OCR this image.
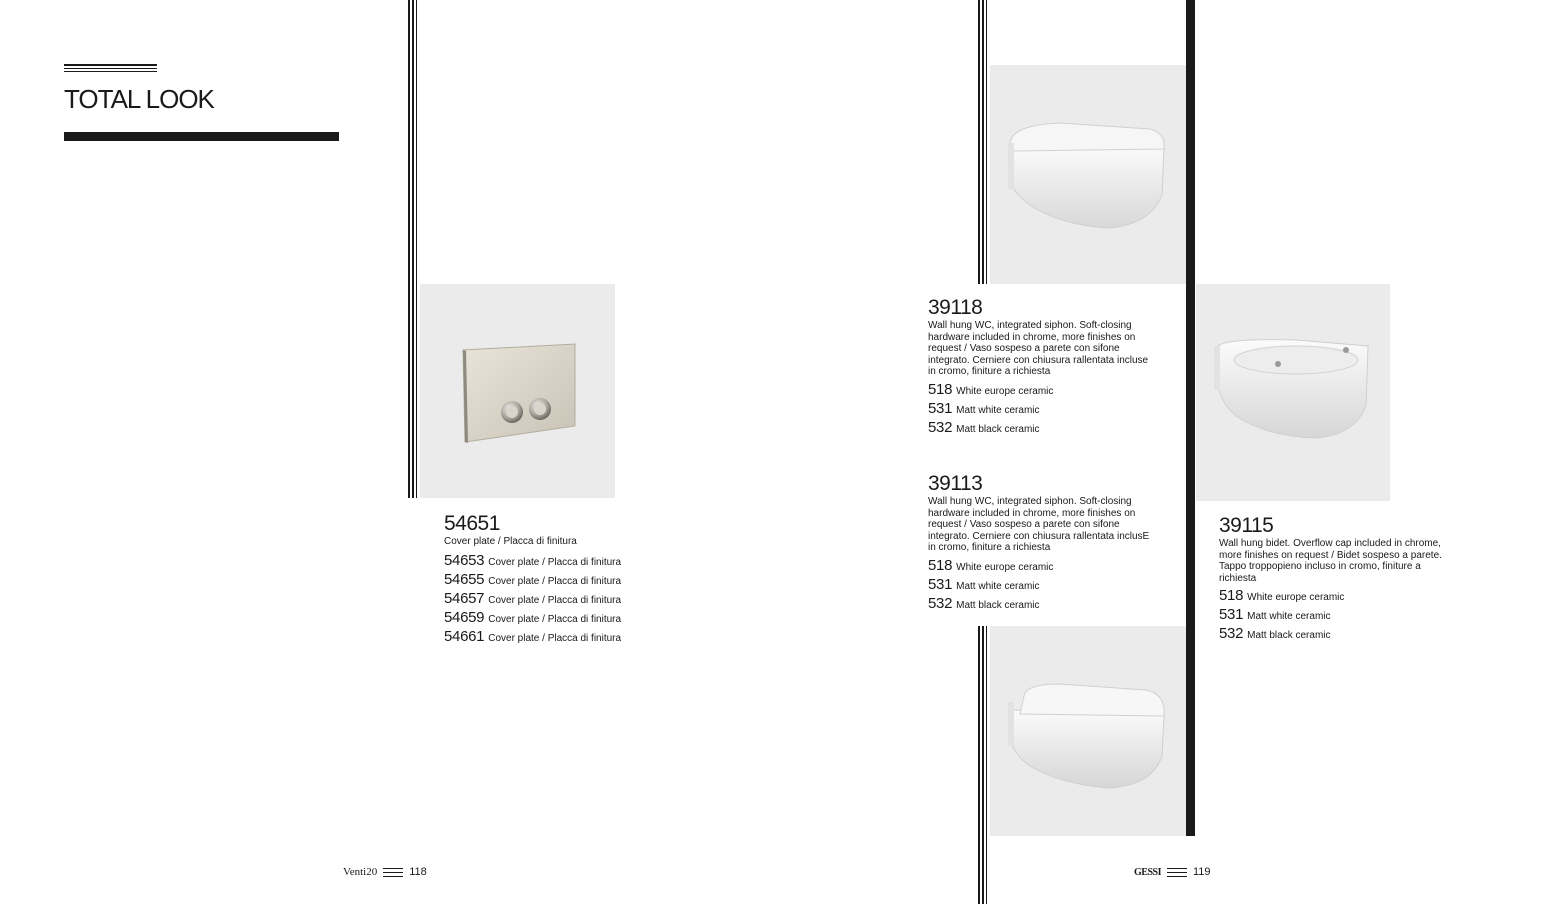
TOTAL LOOK
54651
Cover plate / Placca di finitura
54653 Cover plate / Placca di finitura
54655 Cover plate / Placca di finitura
54657 Cover plate / Placca di finitura
54659 Cover plate / Placca di finitura
54661 Cover plate / Placca di finitura
39118
Wall hung WC, integrated siphon. Soft-closing hardware included in chrome, more finishes on request / Vaso sospeso a parete con sifone integrato. Cerniere con chiusura rallentata incluse in cromo, finiture a richiesta
518 White europe ceramic
531 Matt white ceramic
532 Matt black ceramic
39113
Wall hung WC, integrated siphon. Soft-closing hardware included in chrome, more finishes on request / Vaso sospeso a parete con sifone integrato. Cerniere con chiusura rallentata inclusE in cromo, finiture a richiesta
518 White europe ceramic
531 Matt white ceramic
532 Matt black ceramic
39115
Wall hung bidet. Overflow cap included in chrome, more finishes on request / Bidet sospeso a parete. Tappo troppopieno incluso in cromo, finiture a richiesta
518 White europe ceramic
531 Matt white ceramic
532 Matt black ceramic
Venti20	118	GESSI	119
